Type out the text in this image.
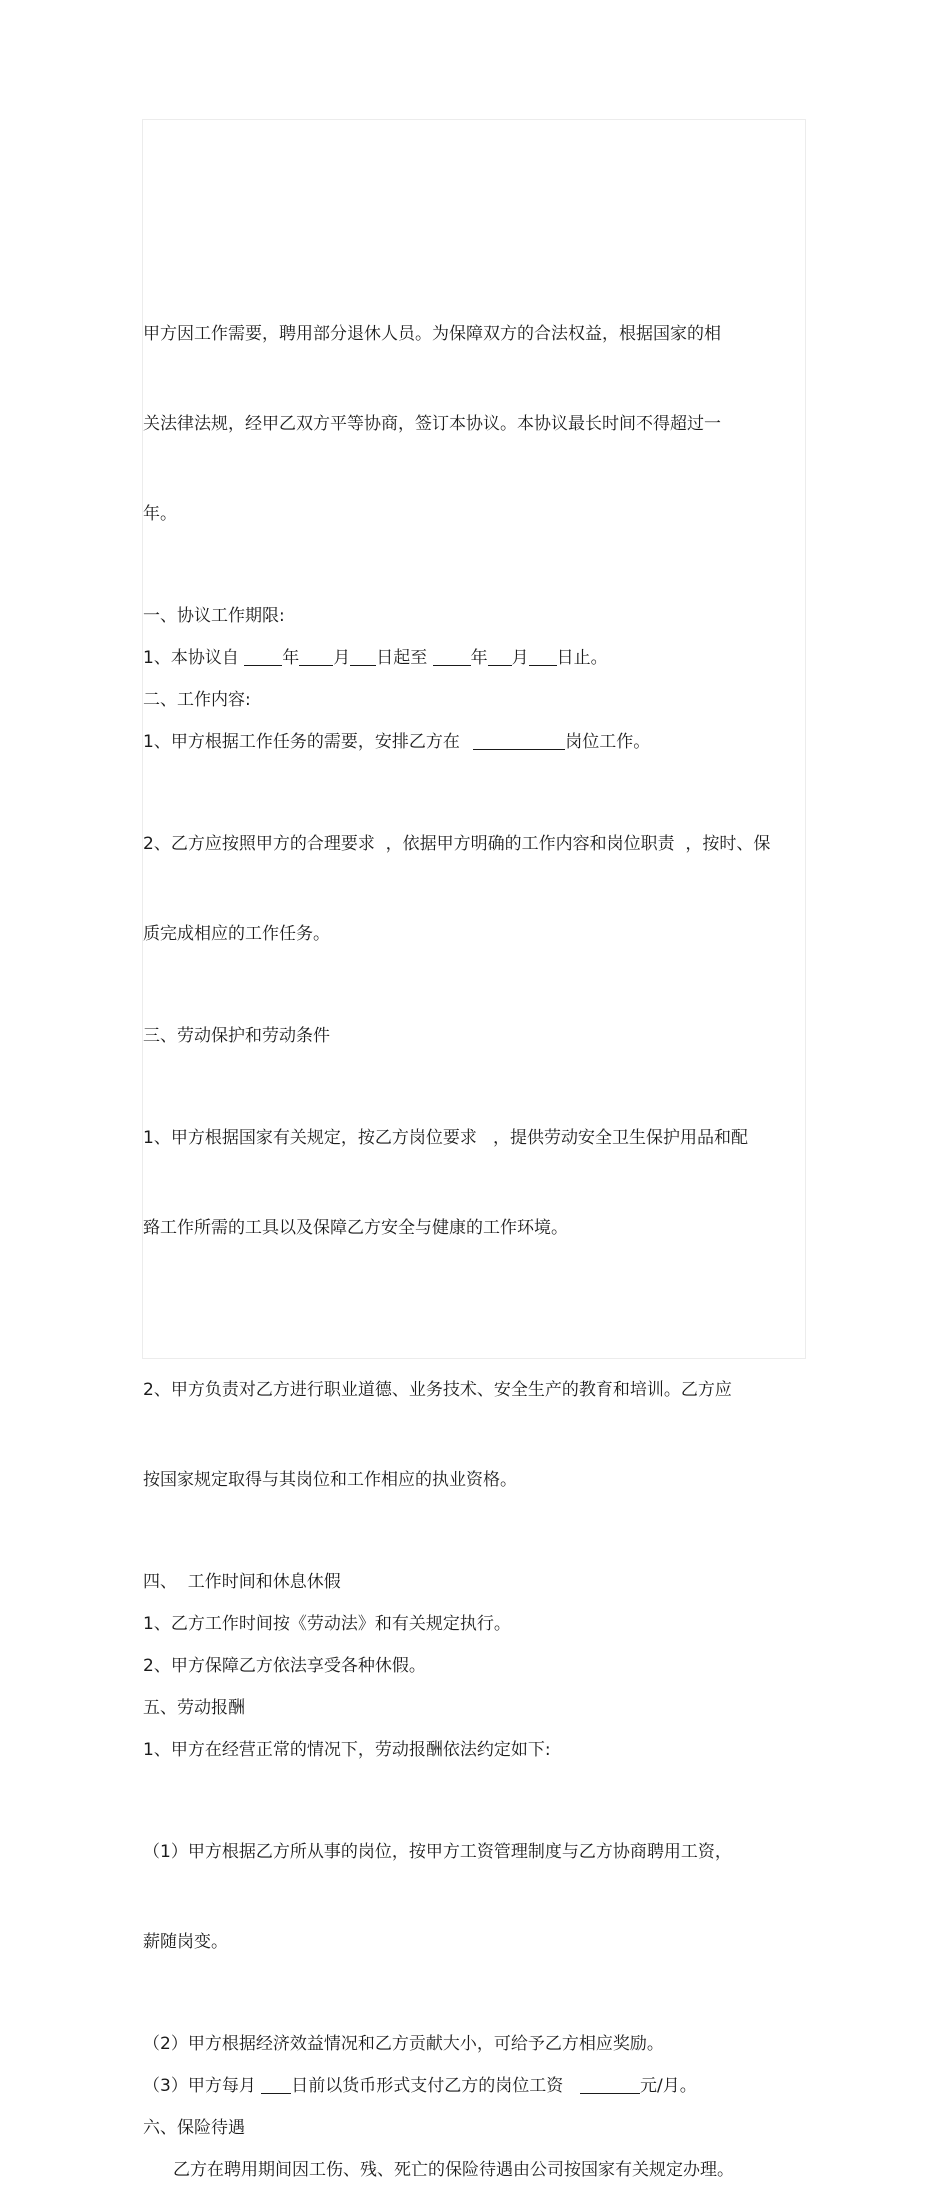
甲方因工作需要，聘用部分退休人员。为保障双方的合法权益，根据国家的相

关法律法规，经甲乙双方平等协商，签订本协议。本协议最长时间不得超过一

年。

一、协议工作期限:
1、本协议自 年 月 日起至 年 月 日止。
二、工作内容:
1、甲方根据工作任务的需要，安排乙方在	岗位工作。

2、乙方应按照甲方的合理要求  ，依据甲方明确的工作内容和岗位职责  ，按时、保

质完成相应的工作任务。

三、劳动保护和劳动条件

1、甲方根据国家有关规定，按乙方岗位要求   ，提供劳动安全卫生保护用品和配

臵工作所需的工具以及保障乙方安全与健康的工作环境。

2、甲方负责对乙方进行职业道德、业务技术、安全生产的教育和培训。乙方应

按国家规定取得与其岗位和工作相应的执业资格。

四、  工作时间和休息休假
1、乙方工作时间按《劳动法》和有关规定执行。
2、甲方保障乙方依法享受各种休假。
五、劳动报酬
1、甲方在经营正常的情况下，劳动报酬依法约定如下:

（1）甲方根据乙方所从事的岗位，按甲方工资管理制度与乙方协商聘用工资，

薪随岗变。

（2）甲方根据经济效益情况和乙方贡献大小，可给予乙方相应奖励。
（3）甲方每月 日前以货币形式支付乙方的岗位工资	元/月。
六、保险待遇
乙方在聘用期间因工伤、残、死亡的保险待遇由公司按国家有关规定办理。
